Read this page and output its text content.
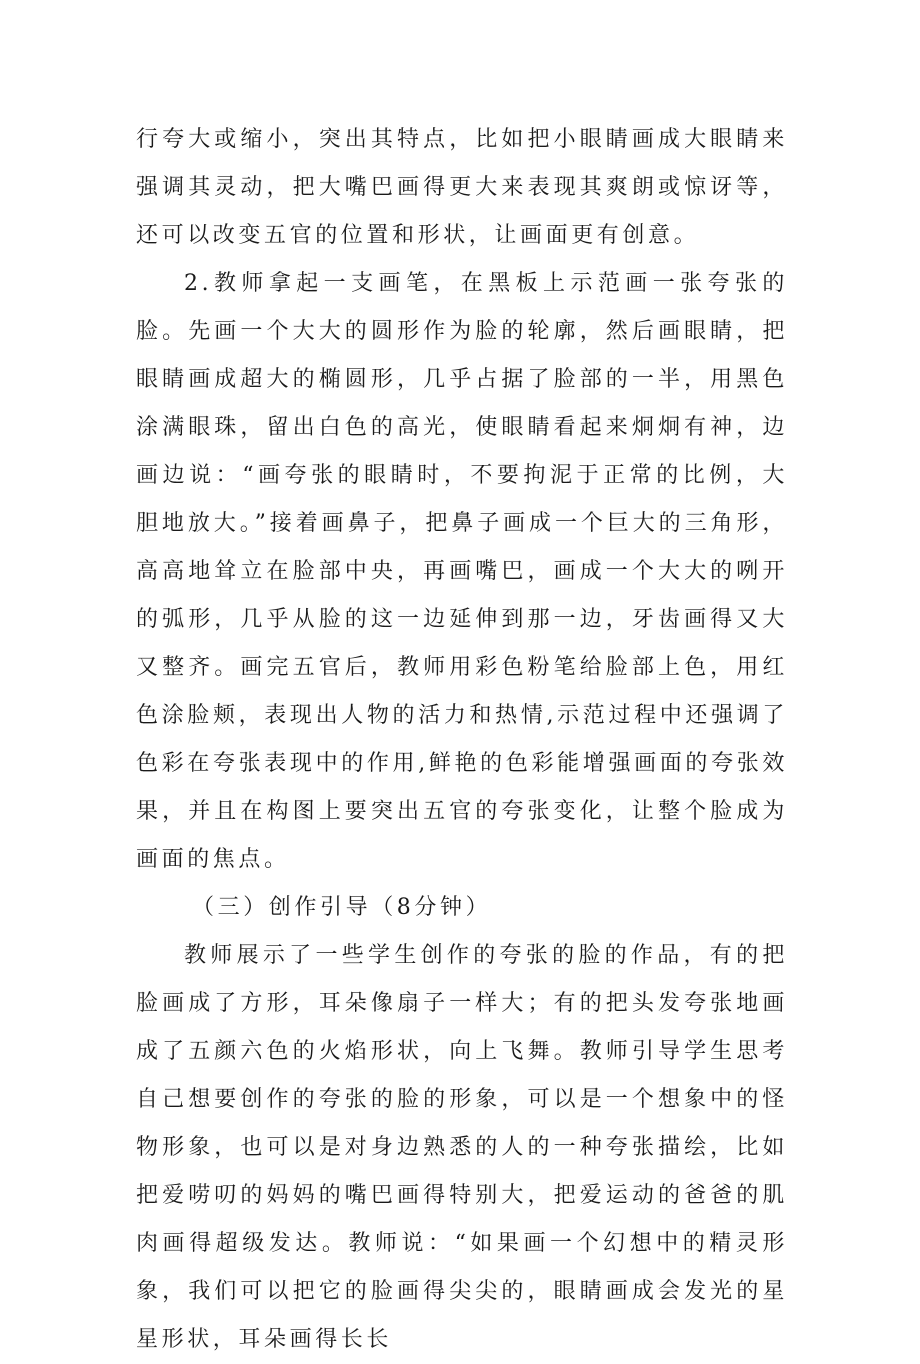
行夸大或缩小，突出其特点，比如把小眼睛画成大眼睛来强调其灵动，把大嘴巴画得更大来表现其爽朗或惊讶等，还可以改变五官的位置和形状，让画面更有创意。

2.教师拿起一支画笔，在黑板上示范画一张夸张的脸。先画一个大大的圆形作为脸的轮廓，然后画眼睛，把眼睛画成超大的椭圆形，几乎占据了脸部的一半，用黑色涂满眼珠，留出白色的高光，使眼睛看起来炯炯有神，边画边说：“画夸张的眼睛时，不要拘泥于正常的比例，大胆地放大。”接着画鼻子，把鼻子画成一个巨大的三角形，高高地耸立在脸部中央，再画嘴巴，画成一个大大的咧开的弧形，几乎从脸的这一边延伸到那一边，牙齿画得又大又整齐。画完五官后，教师用彩色粉笔给脸部上色，用红色涂脸颊，表现出人物的活力和热情,示范过程中还强调了色彩在夸张表现中的作用,鲜艳的色彩能增强画面的夸张效果，并且在构图上要突出五官的夸张变化，让整个脸成为画面的焦点。

（三）创作引导（8分钟）

教师展示了一些学生创作的夸张的脸的作品，有的把脸画成了方形，耳朵像扇子一样大；有的把头发夸张地画成了五颜六色的火焰形状，向上飞舞。教师引导学生思考自己想要创作的夸张的脸的形象，可以是一个想象中的怪物形象，也可以是对身边熟悉的人的一种夸张描绘，比如把爱唠叨的妈妈的嘴巴画得特别大，把爱运动的爸爸的肌肉画得超级发达。教师说：“如果画一个幻想中的精灵形象，我们可以把它的脸画得尖尖的，眼睛画成会发光的星星形状，耳朵画得长长
